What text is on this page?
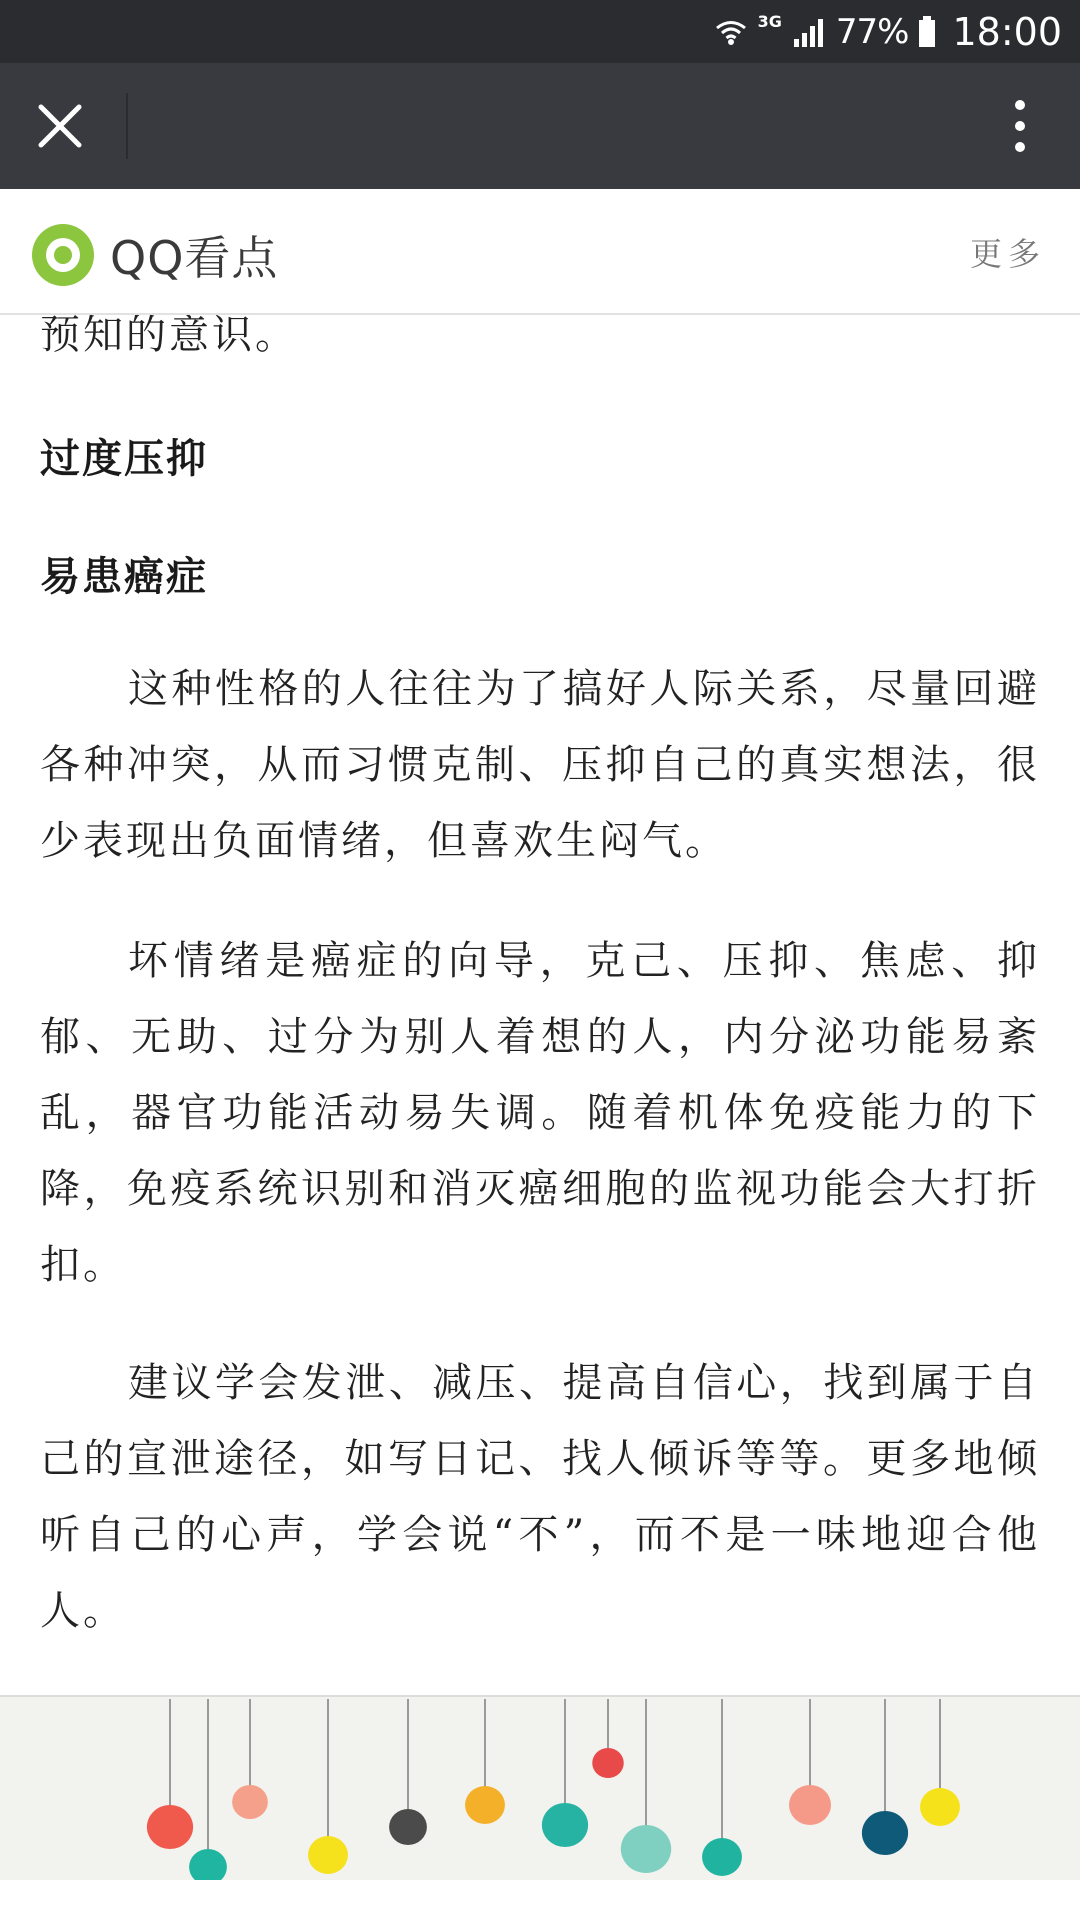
3G 77% 18:00
QQ看点	更多

预知的意识。

过度压抑

易患癌症

这种性格的人往往为了搞好人际关系，尽量回避各种冲突，从而习惯克制、压抑自己的真实想法，很少表现出负面情绪，但喜欢生闷气。

坏情绪是癌症的向导，克己、压抑、焦虑、抑郁、无助、过分为别人着想的人，内分泌功能易紊乱，器官功能活动易失调。随着机体免疫能力的下降，免疫系统识别和消灭癌细胞的监视功能会大打折扣。

建议学会发泄、减压、提高自信心，找到属于自己的宣泄途径，如写日记、找人倾诉等等。更多地倾听自己的心声，学会说“不”，而不是一味地迎合他人。
